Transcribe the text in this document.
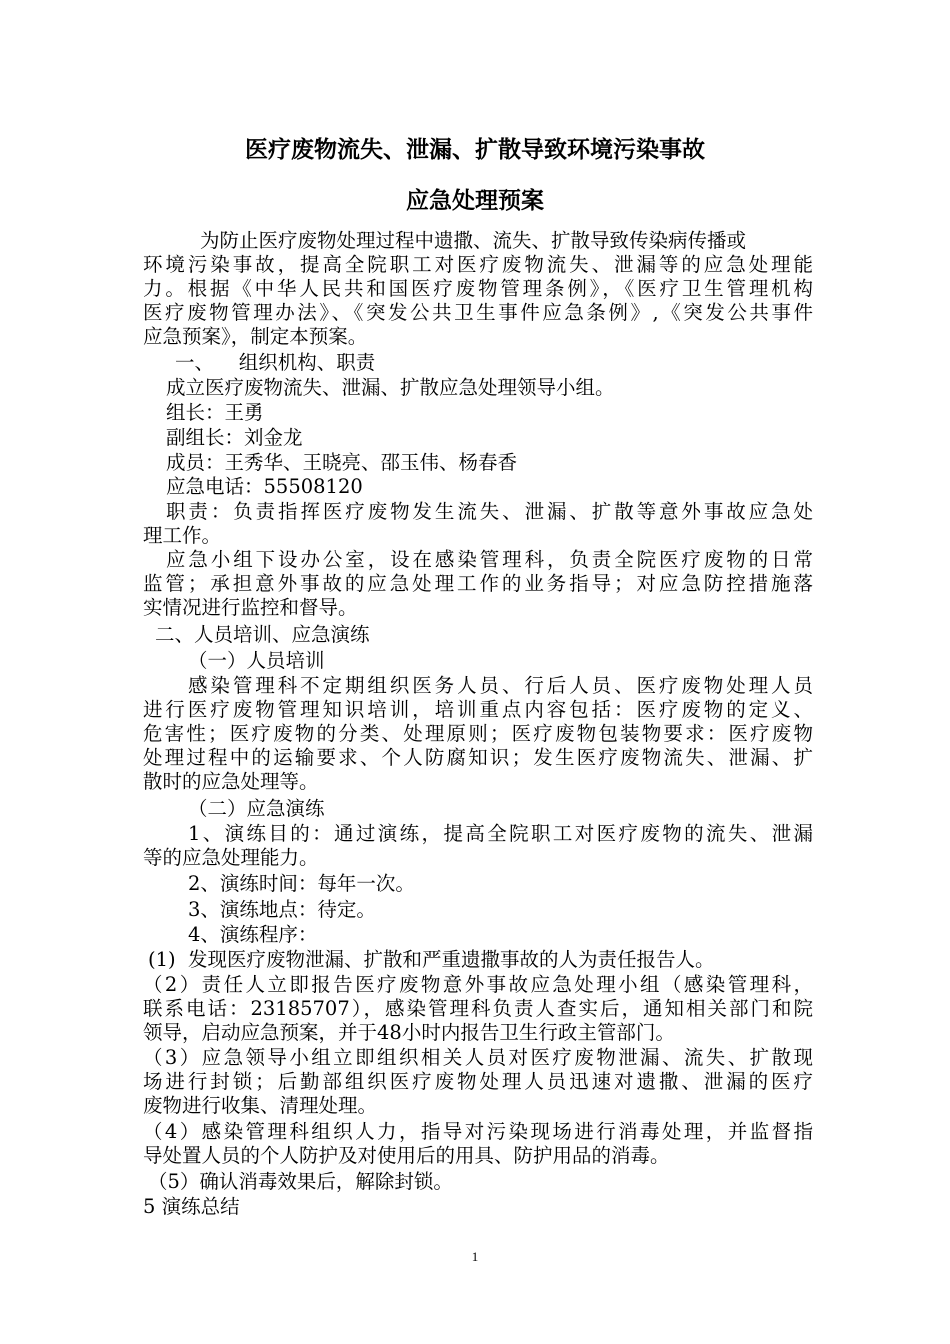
医疗废物流失、泄漏、扩散导致环境污染事故
应急处理预案
为防止医疗废物处理过程中遗撒、流失、扩散导致传染病传播或
环境污染事故，提高全院职工对医疗废物流失、泄漏等的应急处理能
力。根据《中华人民共和国医疗废物管理条例》，《医疗卫生管理机构
医疗废物管理办法》、《突发公共卫生事件应急条例》,《突发公共事件
应急预案》，制定本预案。
一、    组织机构、职责
成立医疗废物流失、泄漏、扩散应急处理领导小组。
组长：王勇
副组长：刘金龙
成员：王秀华、王晓亮、邵玉伟、杨春香
应急电话：55508120
职责：负责指挥医疗废物发生流失、泄漏、扩散等意外事故应急处
理工作。
应急小组下设办公室，设在感染管理科，负责全院医疗废物的日常
监管；承担意外事故的应急处理工作的业务指导；对应急防控措施落
实情况进行监控和督导。
二、人员培训、应急演练
（一）人员培训
感染管理科不定期组织医务人员、行后人员、医疗废物处理人员
进行医疗废物管理知识培训，培训重点内容包括：医疗废物的定义、
危害性；医疗废物的分类、处理原则；医疗废物包装物要求：医疗废物
处理过程中的运输要求、个人防腐知识；发生医疗废物流失、泄漏、扩
散时的应急处理等。
（二）应急演练
1、演练目的：通过演练，提高全院职工对医疗废物的流失、泄漏
等的应急处理能力。
2、演练时间：每年一次。
3、演练地点：待定。
4、演练程序：
(1)  发现医疗废物泄漏、扩散和严重遗撒事故的人为责任报告人。
（2）责任人立即报告医疗废物意外事故应急处理小组（感染管理科，
联系电话：23185707），感染管理科负责人查实后，通知相关部门和院
领导，启动应急预案，并于48小时内报告卫生行政主管部门。
（3）应急领导小组立即组织相关人员对医疗废物泄漏、流失、扩散现
场进行封锁；后勤部组织医疗废物处理人员迅速对遗撒、泄漏的医疗
废物进行收集、清理处理。
（4）感染管理科组织人力，指导对污染现场进行消毒处理，并监督指
导处置人员的个人防护及对使用后的用具、防护用品的消毒。
（5）确认消毒效果后，解除封锁。
5 演练总结
1
